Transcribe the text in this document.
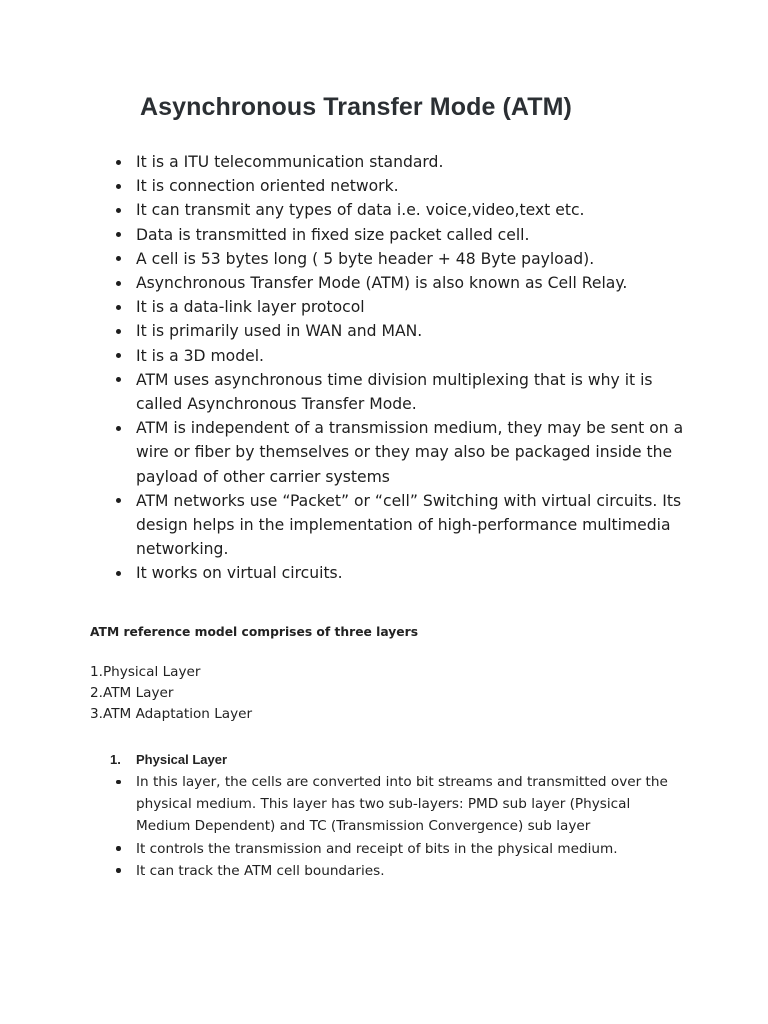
Asynchronous Transfer Mode (ATM)
It is a ITU telecommunication standard.
It is connection oriented network.
It can transmit any types of data i.e. voice,video,text etc.
Data is transmitted in fixed size packet called cell.
A cell is 53 bytes long ( 5 byte header + 48 Byte payload).
Asynchronous Transfer Mode (ATM) is also known as Cell Relay.
It is a data-link layer protocol
It is primarily used in WAN and MAN.
It is a 3D model.
ATM uses asynchronous time division multiplexing that is why it is called Asynchronous Transfer Mode.
ATM is independent of a transmission medium, they may be sent on a wire or fiber by themselves or they may also be packaged inside the payload of other carrier systems
ATM networks use “Packet” or “cell” Switching with virtual circuits. Its design helps in the implementation of high-performance multimedia networking.
It works on virtual circuits.
ATM reference model comprises of three layers
1.Physical Layer
2.ATM Layer
3.ATM Adaptation Layer
1. Physical Layer
In this layer, the cells are converted into bit streams and transmitted over the physical medium. This layer has two sub-layers: PMD sub layer (Physical Medium Dependent) and TC (Transmission Convergence) sub layer
It controls the transmission and receipt of bits in the physical medium.
It can track the ATM cell boundaries.
